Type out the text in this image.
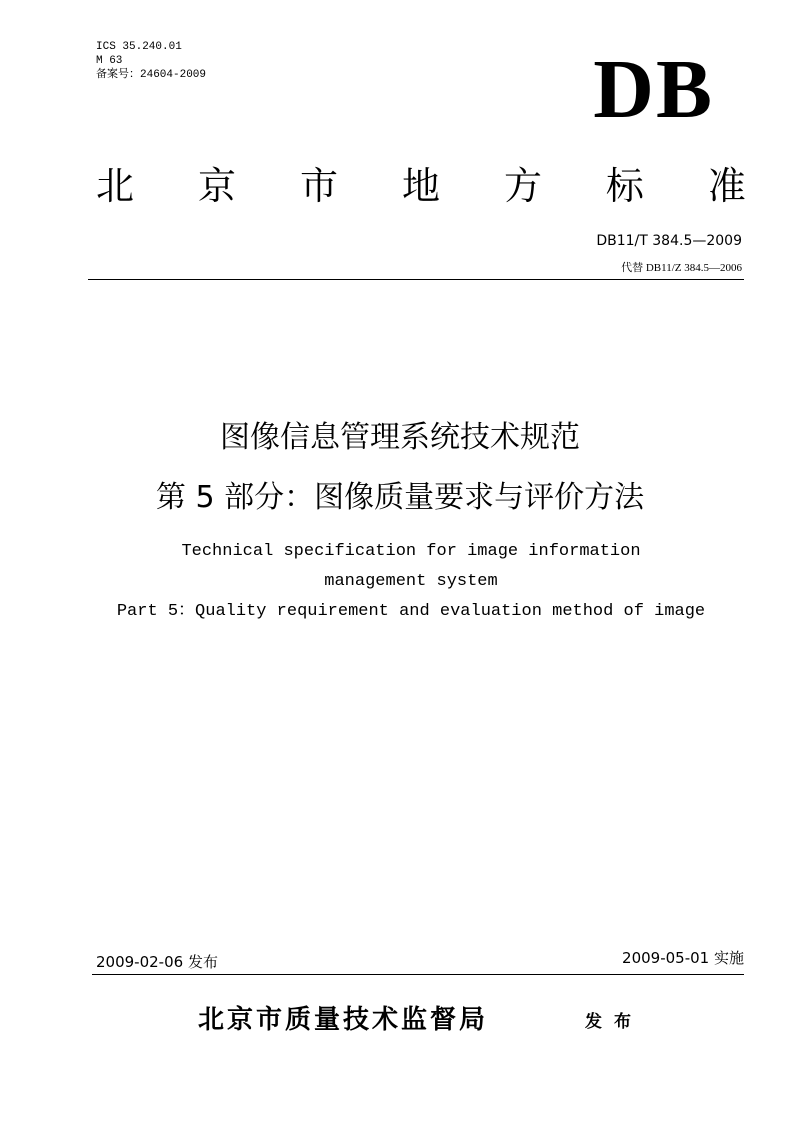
ICS 35.240.01
M 63
备案号：24604-2009	DB
北 京 市 地 方 标 准
DB11/T 384.5—2009
代替 DB11/Z 384.5—2006
图像信息管理系统技术规范
第 5 部分：图像质量要求与评价方法
Technical specification for image information
management system
Part 5：Quality requirement and evaluation method of image
2009-02-06 发布	2009-05-01 实施
北京市质量技术监督局	发布
